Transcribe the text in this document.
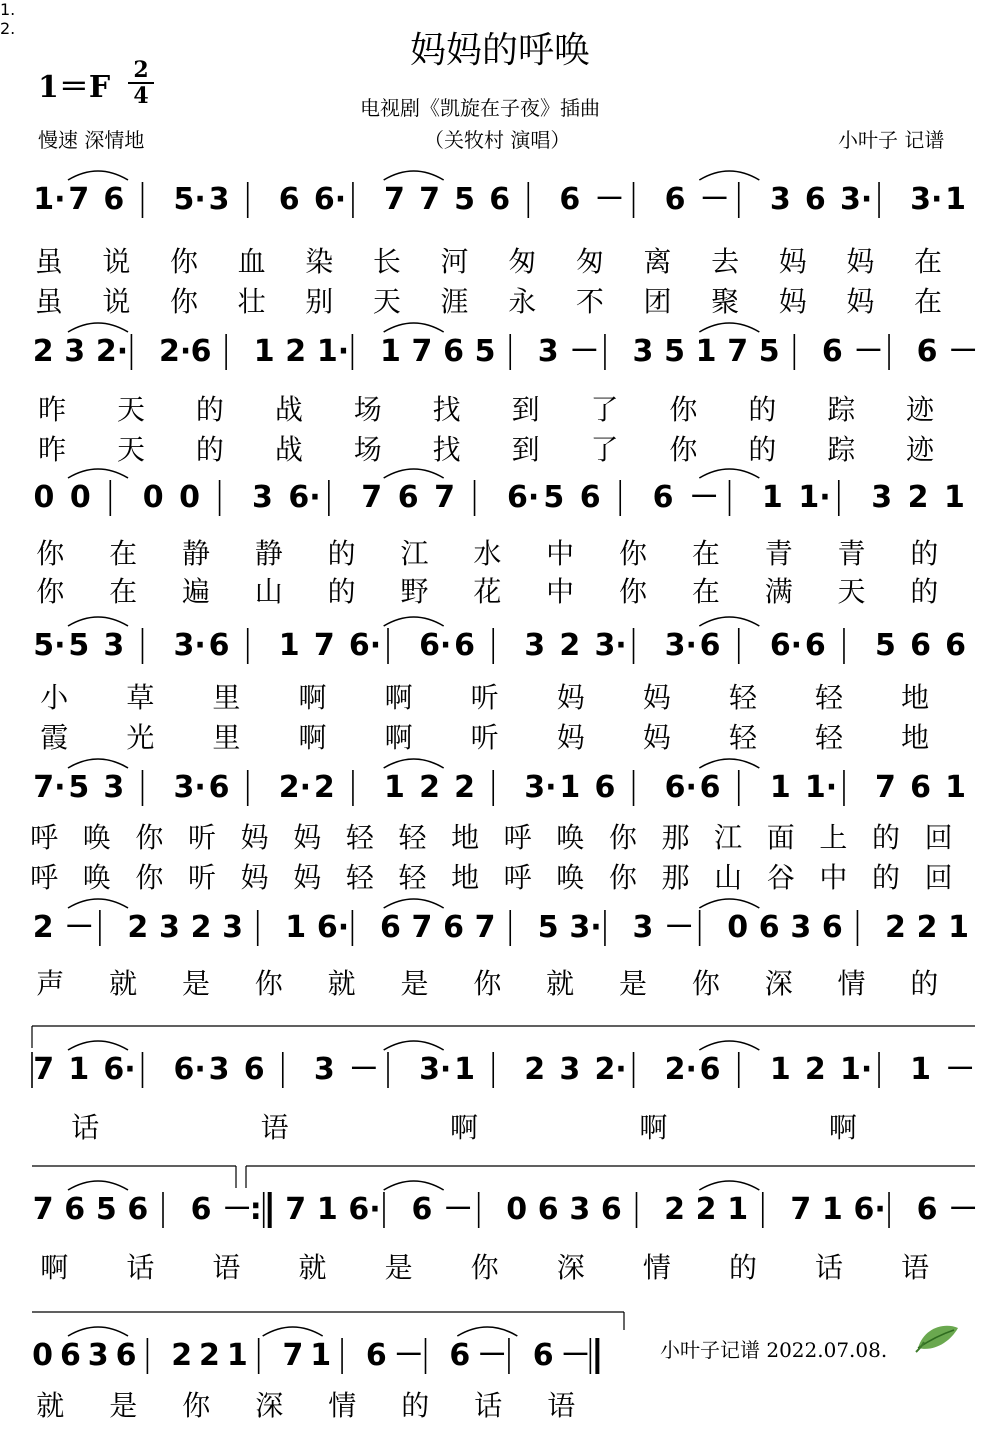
妈妈的呼唤
$1=F \frac{2}{4}$	电视剧《凯旋在子夜》插曲
（关牧村 演唱）
慢速 深情地	小叶子 记谱
1· 7 6 5· 3 6 6· 7 7 5 6 6 － 6 － 3 6 3· 3· 1
虽 说 你 血 染 长 河 匆 匆 离 去 妈 妈 在
虽 说 你 壮 别 天 涯 永 不 团 聚 妈 妈 在
2 3 2· 2· 6 1 2 1· 1 7 6 5 3 － 3 5 1 7 5 6 － 6 －
昨 天 的 战 场 找 到 了 你 的 踪 迹
昨 天 的 战 场 找 到 了 你 的 踪 迹
0 0 0 0 3 6· 7 6 7 6· 5 6 6 － 1 1· 3 2 1
你 在 静 静 的 江 水 中 你 在 青 青 的
你 在 遍 山 的 野 花 中 你 在 满 天 的
5· 5 3 3· 6 1 7 6· 6· 6 3 2 3· 3· 6 6· 6 5 6 6
小 草 里 啊 啊 听 妈 妈 轻 轻 地
霞 光 里 啊 啊 听 妈 妈 轻 轻 地
7· 5 3 3· 6 2· 2 1 2 2 3· 1 6 6· 6 1 1· 7 6 1
呼 唤 你 听 妈 妈 轻 轻 地 呼 唤 你 那 江 面 上 的 回
呼 唤 你 听 妈 妈 轻 轻 地 呼 唤 你 那 山 谷 中 的 回
2 － 2 3 2 3 1 6· 6 7 6 7 5 3· 3 － 0 6 3 6 2 2 1
声 就 是 你 就 是 你 就 是 你 深 情 的
7 1 6· 6· 3 6 3 － 3· 1 2 3 2· 2· 6 1 2 1· 1 －
话	语	啊	啊	啊
7 6 5 6 6 －
: 7 1 6· 6 － 0 6 3 6 2 2 1 7 1 6· 6 －
啊 话 语 就 是 你 深 情 的 话 语
0 6 3 6 2 2 1 7 1 6 － 6 － 6 －
就 是 你 深 情 的 话 语
小叶子记谱 2022.07.08.
1.
2.
